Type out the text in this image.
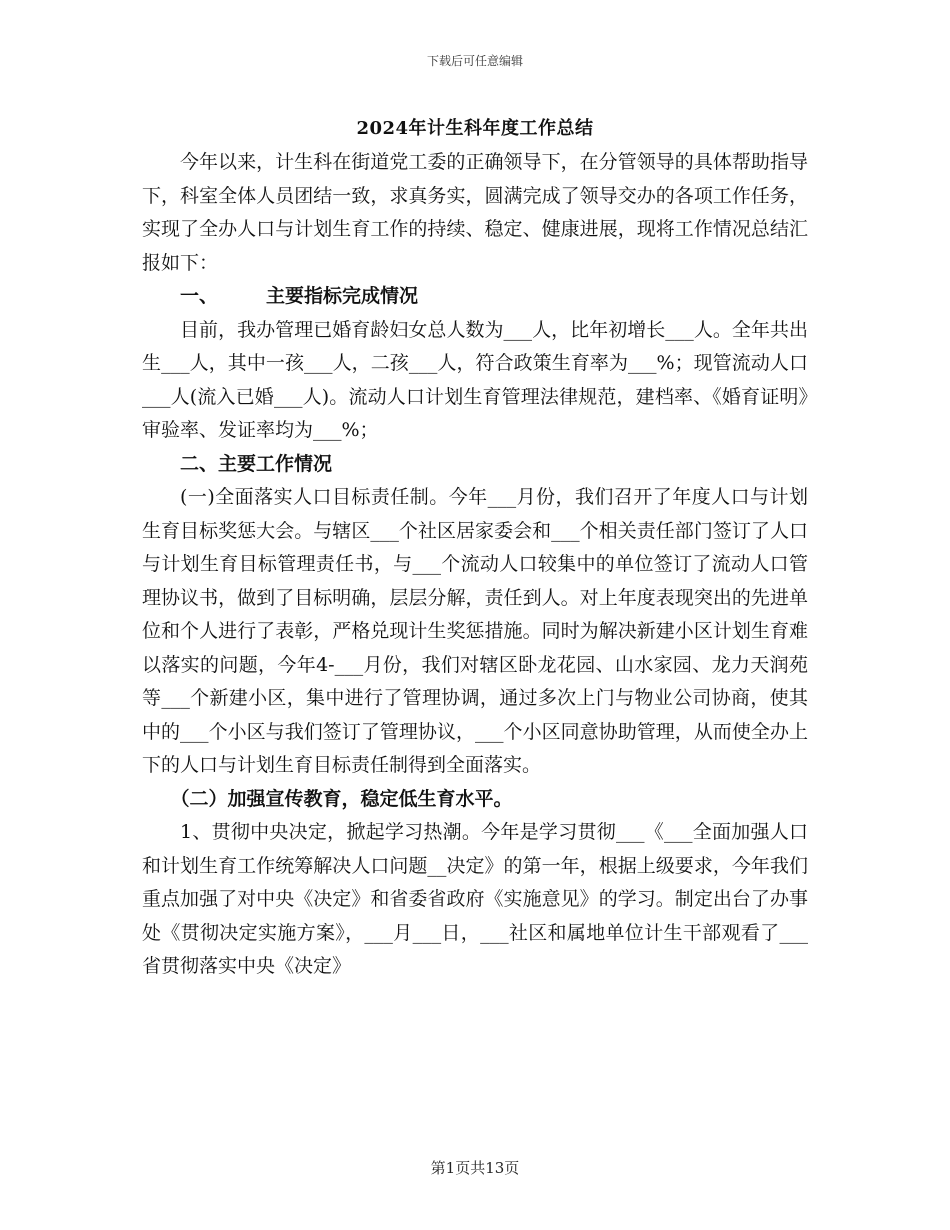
下载后可任意编辑
2024年计生科年度工作总结

今年以来，计生科在街道党工委的正确领导下，在分管领导的具体帮助指导下，科室全体人员团结一致，求真务实，圆满完成了领导交办的各项工作任务，实现了全办人口与计划生育工作的持续、稳定、健康进展，现将工作情况总结汇报如下：

一、	主要指标完成情况

目前，我办管理已婚育龄妇女总人数为___人，比年初增长___人。全年共出生___人，其中一孩___人，二孩___人，符合政策生育率为___%；现管流动人口___人(流入已婚___人)。流动人口计划生育管理法律规范，建档率、《婚育证明》审验率、发证率均为___%；

二、主要工作情况

(一)全面落实人口目标责任制。今年___月份，我们召开了年度人口与计划生育目标奖惩大会。与辖区___个社区居家委会和___个相关责任部门签订了人口与计划生育目标管理责任书，与___个流动人口较集中的单位签订了流动人口管理协议书，做到了目标明确，层层分解，责任到人。对上年度表现突出的先进单位和个人进行了表彰，严格兑现计生奖惩措施。同时为解决新建小区计划生育难以落实的问题，今年4-___月份，我们对辖区卧龙花园、山水家园、龙力天润苑等___个新建小区，集中进行了管理协调，通过多次上门与物业公司协商，使其中的___个小区与我们签订了管理协议，___个小区同意协助管理，从而使全办上下的人口与计划生育目标责任制得到全面落实。

（二）加强宣传教育，稳定低生育水平。

1、贯彻中央决定，掀起学习热潮。今年是学习贯彻___《___全面加强人口和计划生育工作统筹解决人口问题__决定》的第一年，根据上级要求，今年我们重点加强了对中央《决定》和省委省政府《实施意见》的学习。制定出台了办事处《贯彻决定实施方案》，___月___日，___社区和属地单位计生干部观看了___省贯彻落实中央《决定》

第1页共13页
